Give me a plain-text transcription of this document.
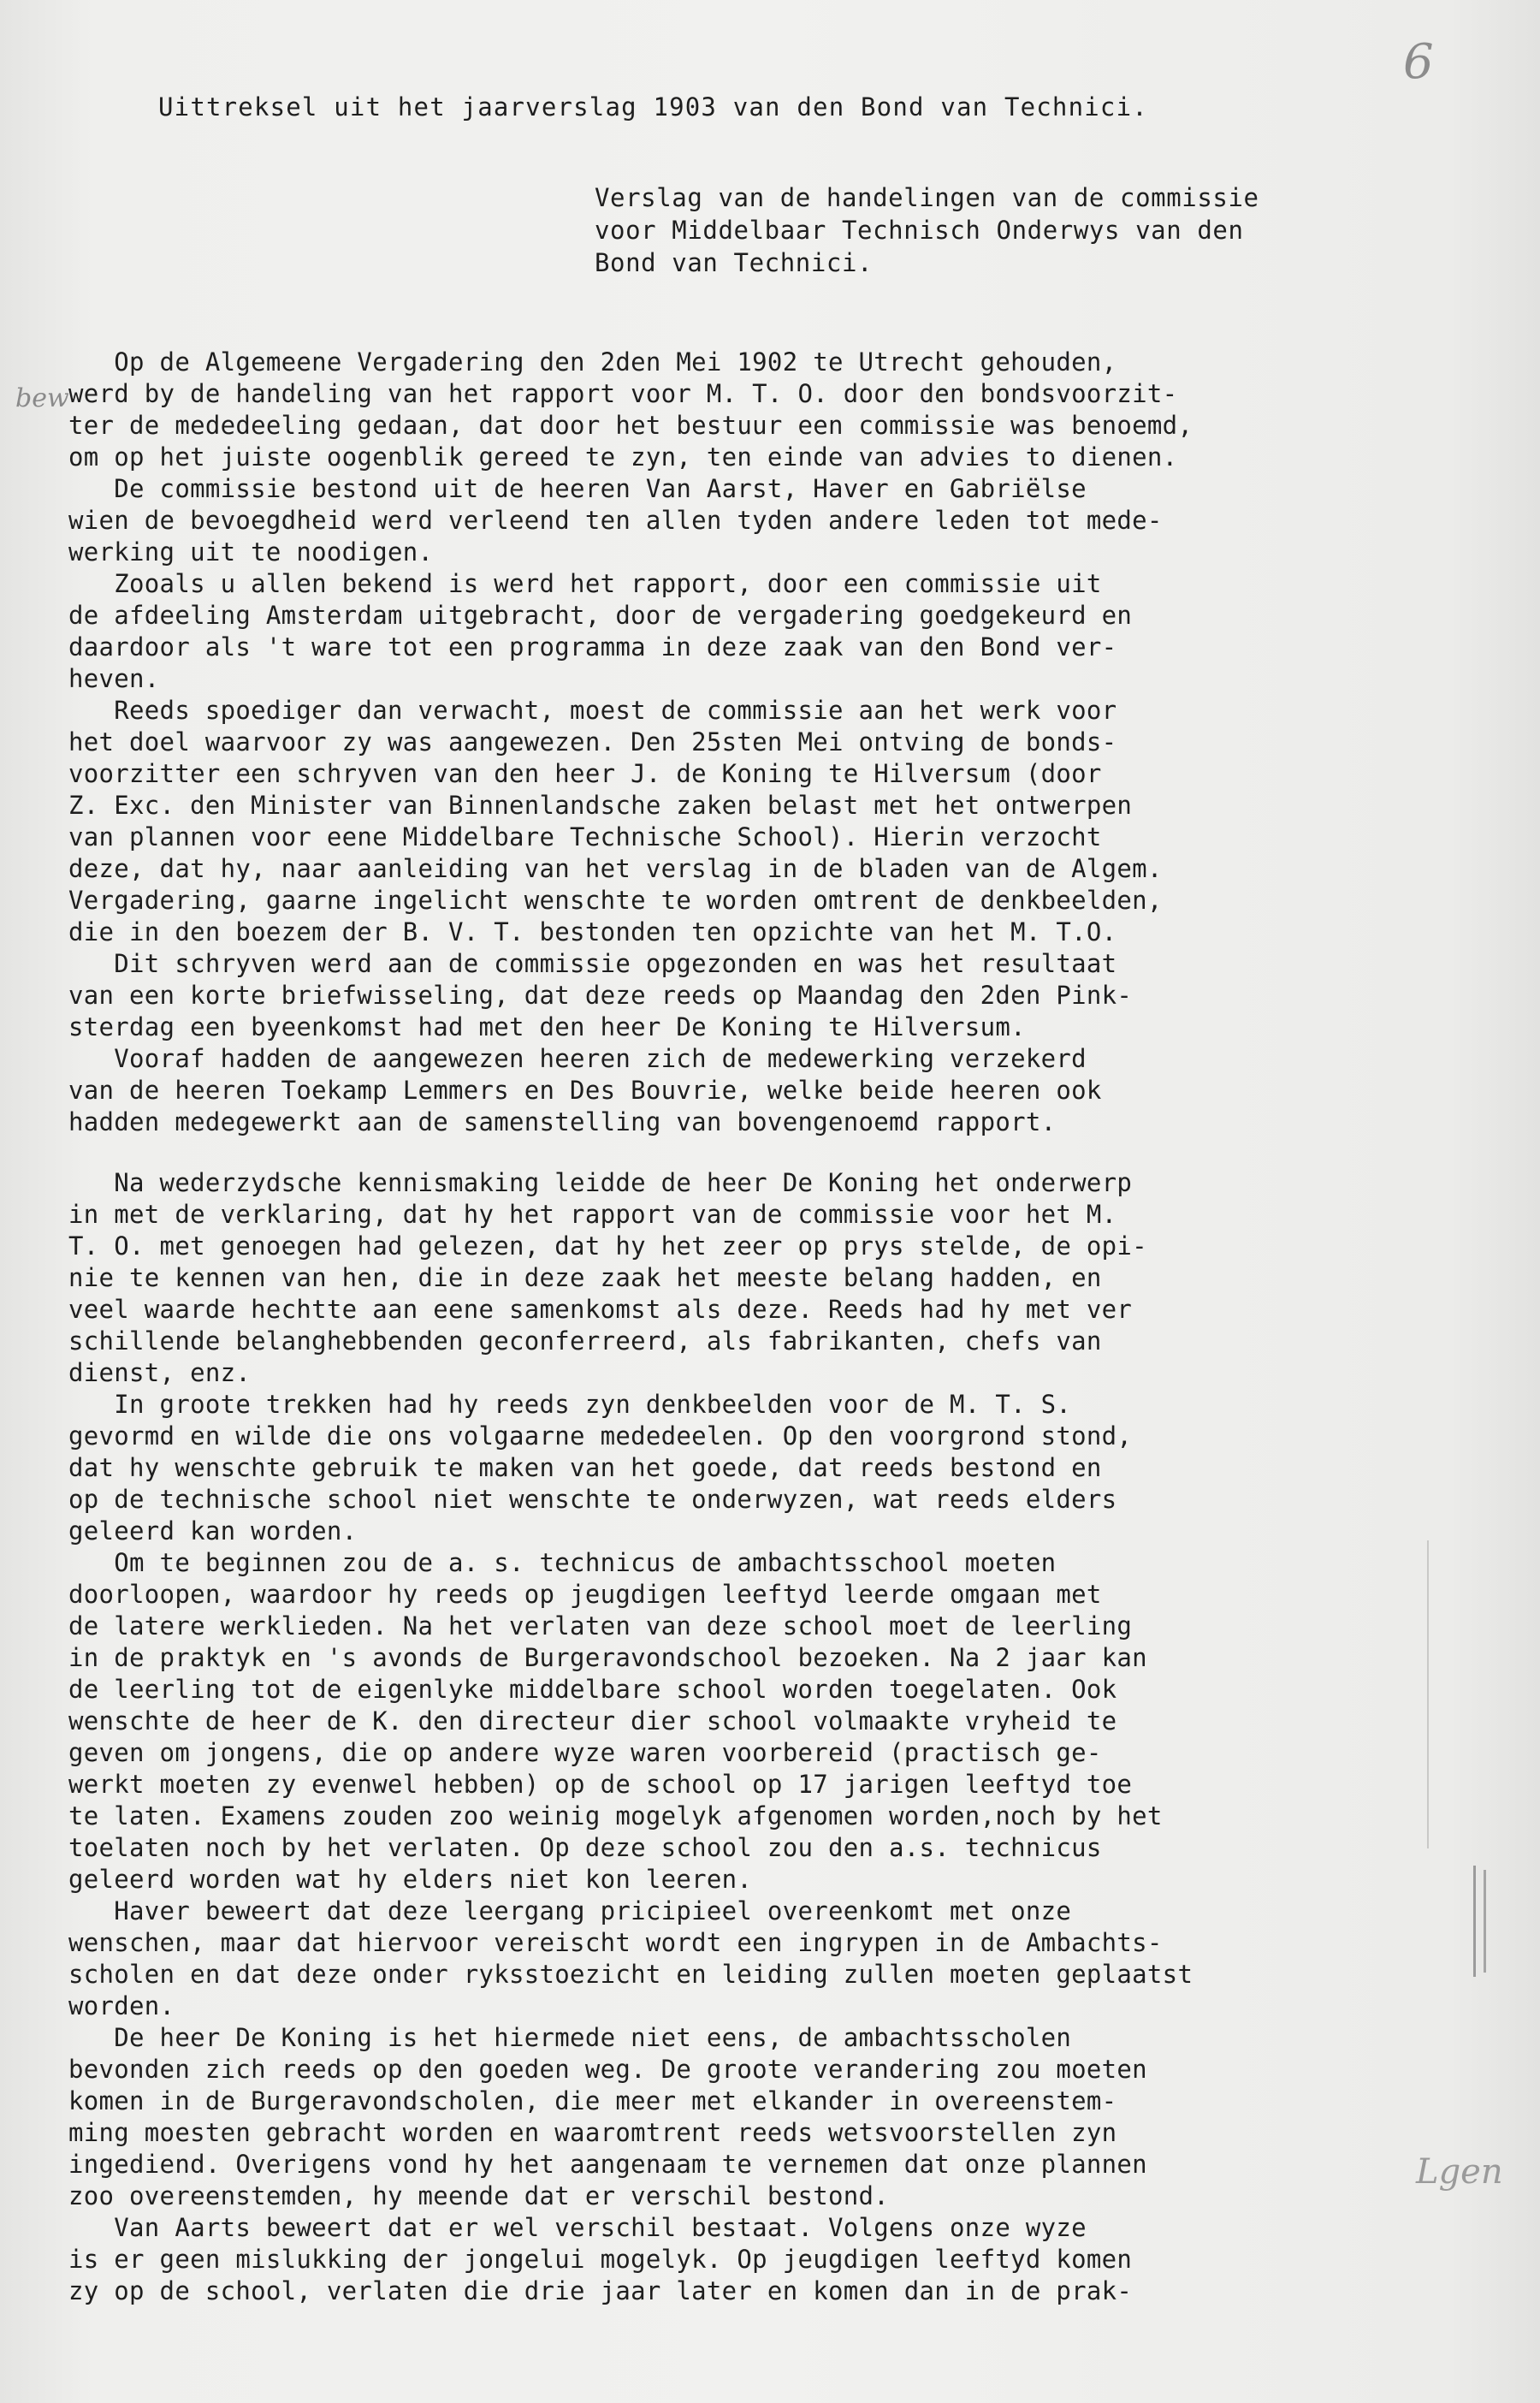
6
bew
Lgen
Uittreksel uit het jaarverslag 1903 van den Bond van Technici.
Verslag van de handelingen van de commissie
voor Middelbaar Technisch Onderwys van den
Bond van Technici.
Op de Algemeene Vergadering den 2den Mei 1902 te Utrecht gehouden,
werd by de handeling van het rapport voor M. T. O. door den bondsvoorzit-
ter de mededeeling gedaan, dat door het bestuur een commissie was benoemd,
om op het juiste oogenblik gereed te zyn, ten einde van advies to dienen.
De commissie bestond uit de heeren Van Aarst, Haver en Gabriëlse
wien de bevoegdheid werd verleend ten allen tyden andere leden tot mede-
werking uit te noodigen.
Zooals u allen bekend is werd het rapport, door een commissie uit
de afdeeling Amsterdam uitgebracht, door de vergadering goedgekeurd en
daardoor als 't ware tot een programma in deze zaak van den Bond ver-
heven.
Reeds spoediger dan verwacht, moest de commissie aan het werk voor
het doel waarvoor zy was aangewezen. Den 25sten Mei ontving de bonds-
voorzitter een schryven van den heer J. de Koning te Hilversum (door
Z. Exc. den Minister van Binnenlandsche zaken belast met het ontwerpen
van plannen voor eene Middelbare Technische School). Hierin verzocht
deze, dat hy, naar aanleiding van het verslag in de bladen van de Algem.
Vergadering, gaarne ingelicht wenschte te worden omtrent de denkbeelden,
die in den boezem der B. V. T. bestonden ten opzichte van het M. T.O.
Dit schryven werd aan de commissie opgezonden en was het resultaat
van een korte briefwisseling, dat deze reeds op Maandag den 2den Pink-
sterdag een byeenkomst had met den heer De Koning te Hilversum.
Vooraf hadden de aangewezen heeren zich de medewerking verzekerd
van de heeren Toekamp Lemmers en Des Bouvrie, welke beide heeren ook
hadden medegewerkt aan de samenstelling van bovengenoemd rapport.
Na wederzydsche kennismaking leidde de heer De Koning het onderwerp
in met de verklaring, dat hy het rapport van de commissie voor het M.
T. O. met genoegen had gelezen, dat hy het zeer op prys stelde, de opi-
nie te kennen van hen, die in deze zaak het meeste belang hadden, en
veel waarde hechtte aan eene samenkomst als deze. Reeds had hy met ver
schillende belanghebbenden geconferreerd, als fabrikanten, chefs van
dienst, enz.
In groote trekken had hy reeds zyn denkbeelden voor de M. T. S.
gevormd en wilde die ons volgaarne mededeelen. Op den voorgrond stond,
dat hy wenschte gebruik te maken van het goede, dat reeds bestond en
op de technische school niet wenschte te onderwyzen, wat reeds elders
geleerd kan worden.
Om te beginnen zou de a. s. technicus de ambachtsschool moeten
doorloopen, waardoor hy reeds op jeugdigen leeftyd leerde omgaan met
de latere werklieden. Na het verlaten van deze school moet de leerling
in de praktyk en 's avonds de Burgeravondschool bezoeken. Na 2 jaar kan
de leerling tot de eigenlyke middelbare school worden toegelaten. Ook
wenschte de heer de K. den directeur dier school volmaakte vryheid te
geven om jongens, die op andere wyze waren voorbereid (practisch ge-
werkt moeten zy evenwel hebben) op de school op 17 jarigen leeftyd toe
te laten. Examens zouden zoo weinig mogelyk afgenomen worden,noch by het
toelaten noch by het verlaten. Op deze school zou den a.s. technicus
geleerd worden wat hy elders niet kon leeren.
Haver beweert dat deze leergang pricipieel overeenkomt met onze
wenschen, maar dat hiervoor vereischt wordt een ingrypen in de Ambachts-
scholen en dat deze onder ryksstoezicht en leiding zullen moeten geplaatst
worden.
De heer De Koning is het hiermede niet eens, de ambachtsscholen
bevonden zich reeds op den goeden weg. De groote verandering zou moeten
komen in de Burgeravondscholen, die meer met elkander in overeenstem-
ming moesten gebracht worden en waaromtrent reeds wetsvoorstellen zyn
ingediend. Overigens vond hy het aangenaam te vernemen dat onze plannen
zoo overeenstemden, hy meende dat er verschil bestond.
Van Aarts beweert dat er wel verschil bestaat. Volgens onze wyze
is er geen mislukking der jongelui mogelyk. Op jeugdigen leeftyd komen
zy op de school, verlaten die drie jaar later en komen dan in de prak-
